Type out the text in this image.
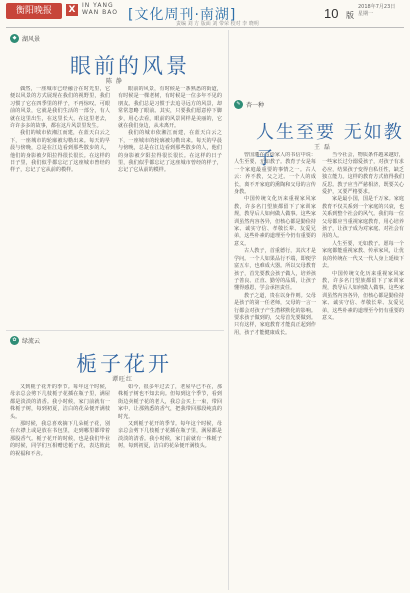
衡阳晚报	X	IN YANG
WAN BAO [文化周刊·南湖]	10 版
2018年7月23日
星期一
责编 刘 方 版面 刘 带荣 校对 李 晓明
◆ 湖风景
眼前的风景
陈 静

偶然，一座城市已经融合在时光里，它便以风景的方式展现在我们的视野里，我们习惯了它在四季里的样子，不再惊叹。可眼前的风景，它就是我们生活的一部分，有人就在这里出生，在这里长大，在这里老去，许许多多的故事，都在这片风景里发生。

我们的城市依湘江而建，在蓝天白云之下，一座城市的轮廓被勾勒出来。每天的早晨与傍晚，总是在江边看到那些散步的人，他们的身影被夕阳拉得很长很长。在这样的日子里，我们似乎都忘记了这座城市曾经的样子，忘记了它从前的模样。

眼前的风景，有时候是一条熟悉的街道，有时候是一棵老树，有时候是一位多年不见的朋友。我们总是习惯于去追寻远方的风景，却常常忽略了眼前。其实，只要我们愿意停下脚步，用心去看，眼前的风景同样是美丽的，它就在我们身边，从未离开。

我们的城市依湘江而建，在蓝天白云之下，一座城市的轮廓被勾勒出来。每天的早晨与傍晚，总是在江边看到那些散步的人，他们的身影被夕阳拉得很长很长。在这样的日子里，我们似乎都忘记了这座城市曾经的样子，忘记了它从前的模样。

✿ 绿流云
栀子花开
谭旺红

又到栀子花开的季节。每年这个时候，母亲总会剪下几枝栀子花插在瓶子里，满屋都是淡淡的清香。我小时候，家门前就有一株栀子树，每到初夏，洁白的花朵便开满枝头。

那时候，我总喜欢摘下几朵栀子花，别在衣襟上或是放在书包里，走到哪里都带着那股香气。栀子花开的时候，也是我们毕业的时候，同学们互相赠送栀子花，表达彼此的祝福和不舍。

如今，很多年过去了，老屋早已不在，那株栀子树也不知去向。但每到这个季节，看到街边卖栀子花的老人，我总会买上一束，带回家中，让那熟悉的香气，把我带回那段纯真的时光。

又到栀子花开的季节。每年这个时候，母亲总会剪下几枝栀子花插在瓶子里，满屋都是淡淡的清香。我小时候，家门前就有一株栀子树，每到初夏，洁白的花朵便开满枝头。

✎ 杏一种
人生至要 无如教子
王 磊

曾国藩在写给家人的书信中说：人生至要，无如教子。教育子女是每一个家庭最重要的事情之一。古人云：养不教，父之过。一个人的成长，离不开家庭的熏陶和父母的言传身教。

中国传统文化历来重视家风家教，许多名门望族都留下了家训家规，教导后人如何做人做事。这些家训虽然内容各异，但核心都是勤俭持家、诚实守信、孝敬长辈、友爱兄弟，这些朴素的道理至今仍有重要的意义。

古人教子，首重德行，其次才是学问。一个人如果品行不端，即便学富五车，也难成大器。所以父母教育孩子，首先要教会孩子做人，培养孩子善良、正直、勤劳的品质，让孩子懂得感恩，学会承担责任。

教子之道，贵在以身作则。父母是孩子的第一任老师，父母的一言一行都会对孩子产生潜移默化的影响。要求孩子做到的，父母首先要做到。只有这样，家庭教育才能真正起到作用，孩子才能健康成长。

当今社会，物质条件越来越好，一些家长过分溺爱孩子，对孩子有求必应，结果孩子变得自私任性，缺乏独立能力。这样的教育方式值得我们反思。教子应当严慈相济，既要关心爱护，又要严格要求。

家是最小国，国是千万家。家庭教育不仅关系到一个家庭的兴衰，也关系到整个社会的风气。我们每一位父母都应当重视家庭教育，用心培养孩子，让孩子成为对家庭、对社会有用的人。

人生至要，无如教子。愿每一个家庭都能重视家教、传承家风，让优良的传统在一代又一代人身上延续下去。

中国传统文化历来重视家风家教，许多名门望族都留下了家训家规，教导后人如何做人做事。这些家训虽然内容各异，但核心都是勤俭持家、诚实守信、孝敬长辈、友爱兄弟，这些朴素的道理至今仍有重要的意义。
